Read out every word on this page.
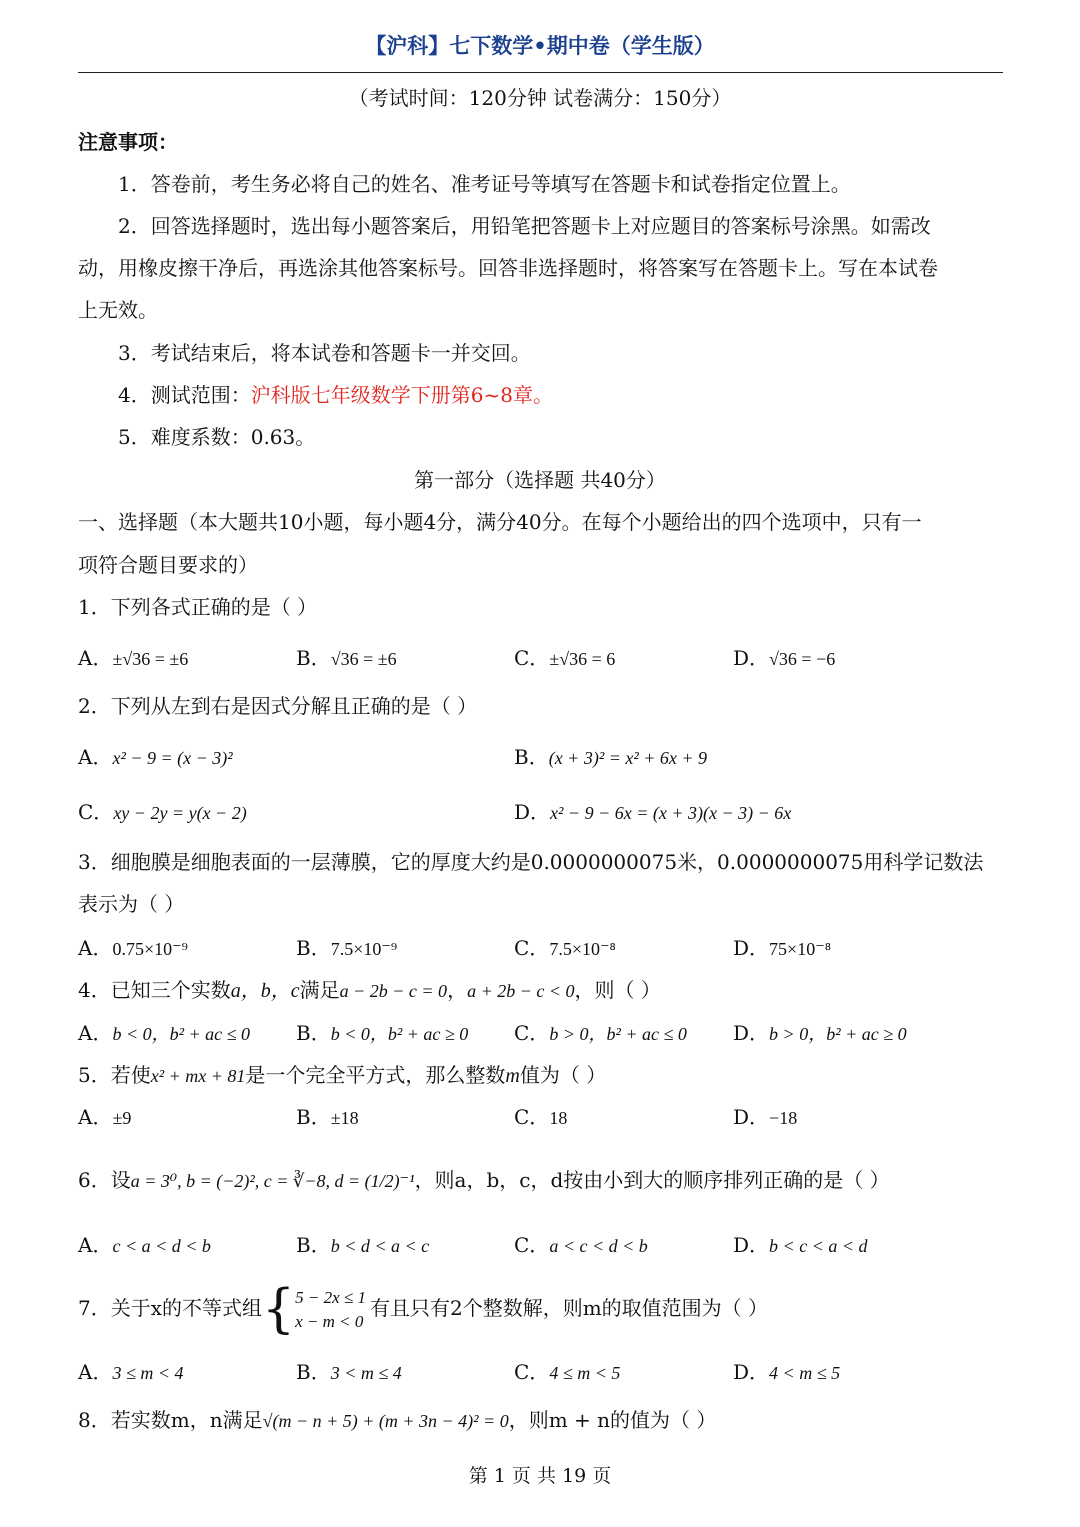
【沪科】七下数学•期中卷（学生版）
（考试时间：120分钟 试卷满分：150分）
注意事项：
1．答卷前，考生务必将自己的姓名、准考证号等填写在答题卡和试卷指定位置上。
2．回答选择题时，选出每小题答案后，用铅笔把答题卡上对应题目的答案标号涂黑。如需改
动，用橡皮擦干净后，再选涂其他答案标号。回答非选择题时，将答案写在答题卡上。写在本试卷
上无效。
3．考试结束后，将本试卷和答题卡一并交回。
4．测试范围：沪科版七年级数学下册第6~8章。
5．难度系数：0.63。
第一部分（选择题 共40分）
一、选择题（本大题共10小题，每小题4分，满分40分。在每个小题给出的四个选项中，只有一
项符合题目要求的）
1．下列各式正确的是（ ）
A．±√36 = ±6	B．√36 = ±6	C．±√36 = 6	D．√36 = −6
2．下列从左到右是因式分解且正确的是（ ）
A．x² − 9 = (x − 3)²	B．(x + 3)² = x² + 6x + 9
C．xy − 2y = y(x − 2)	D．x² − 9 − 6x = (x + 3)(x − 3) − 6x
3．细胞膜是细胞表面的一层薄膜，它的厚度大约是0.0000000075米，0.0000000075用科学记数法
表示为（ ）
A．0.75×10⁻⁹	B．7.5×10⁻⁹	C．7.5×10⁻⁸	D．75×10⁻⁸
4．已知三个实数a，b，c满足a − 2b − c = 0，a + 2b − c < 0，则（ ）
A．b < 0，b² + ac ≤ 0 B．b < 0，b² + ac ≥ 0 C．b > 0，b² + ac ≤ 0 D．b > 0，b² + ac ≥ 0
5．若使x² + mx + 81是一个完全平方式，那么整数m值为（ ）
A．±9	B．±18	C．18	D．−18
6．设a = 3⁰, b = (−2)², c = ∛−8, d = (1/2)⁻¹，则a，b，c，d按由小到大的顺序排列正确的是（ ）
A．c < a < d < b	B．b < d < a < c	C．a < c < d < b	D．b < c < a < d
7．关于x的不等式组{ 5 − 2x ≤ 1
x − m < 0
有且只有2个整数解，则m的取值范围为（ ）
A．3 ≤ m < 4	B．3 < m ≤ 4	C．4 ≤ m < 5	D．4 < m ≤ 5
8．若实数m，n满足√(m − n + 5) + (m + 3n − 4)² = 0，则m + n的值为（ ）
第 1 页 共 19 页
